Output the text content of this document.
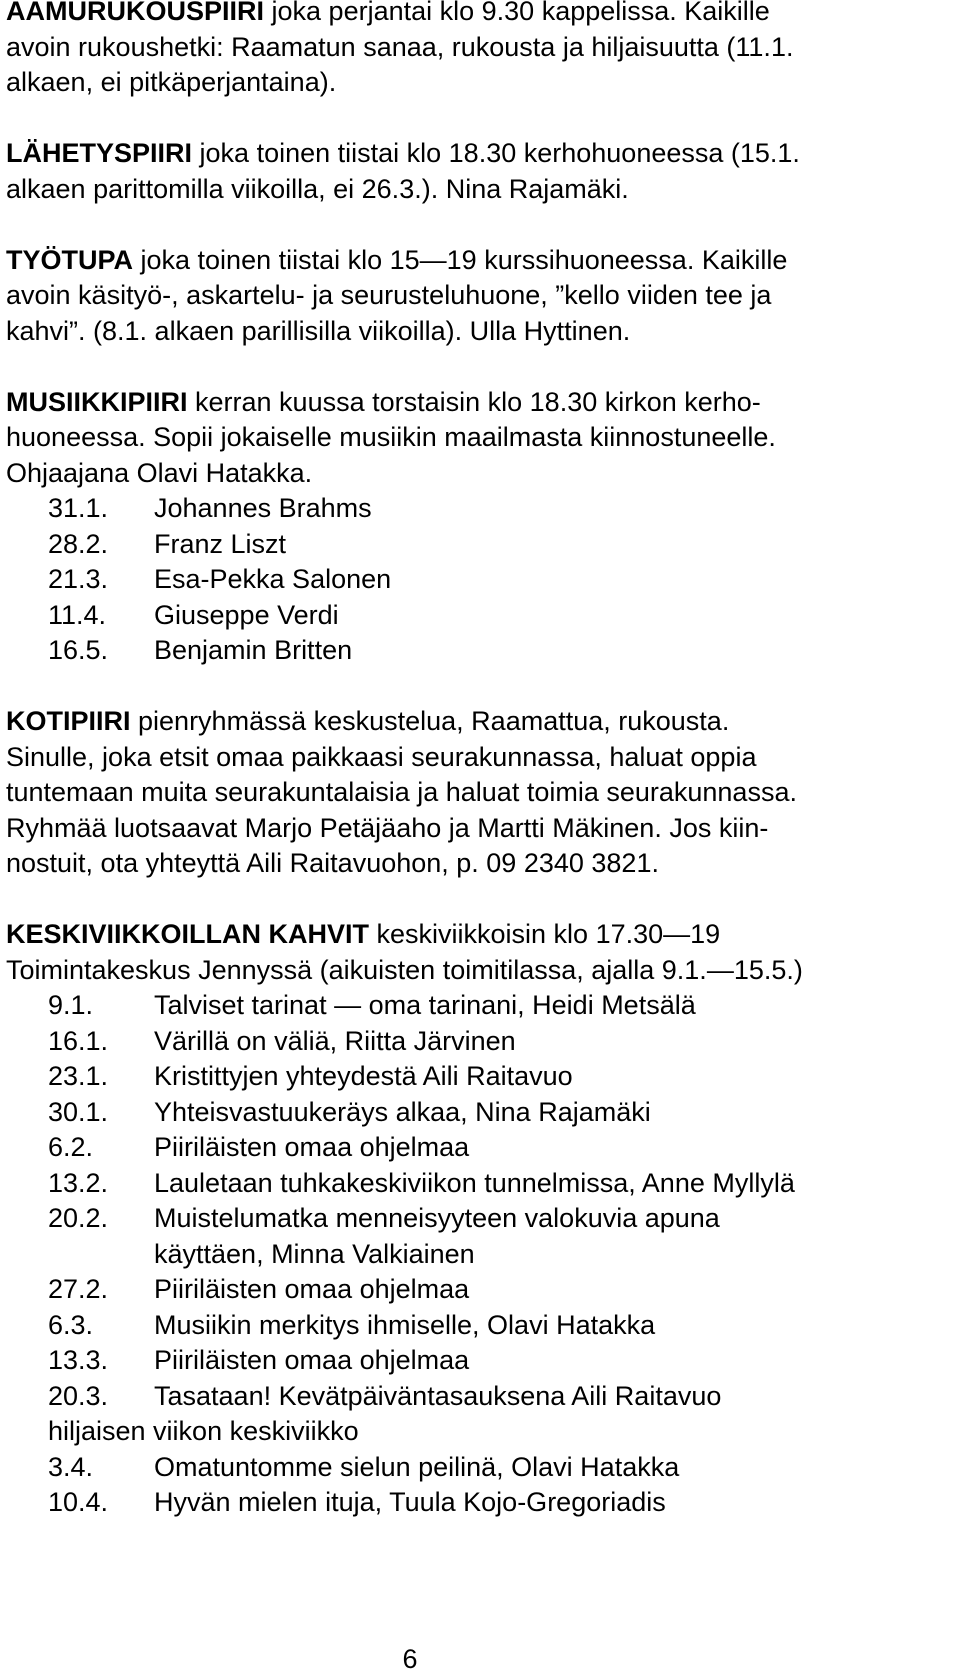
AAMURUKOUSPIIRI joka perjantai klo 9.30 kappelissa. Kaikille
avoin rukoushetki: Raamatun sanaa, rukousta ja hiljaisuutta (11.1.
alkaen, ei pitkäperjantaina).
LÄHETYSPIIRI joka toinen tiistai klo 18.30 kerhohuoneessa (15.1.
alkaen parittomilla viikoilla, ei 26.3.). Nina Rajamäki.
TYÖTUPA joka toinen tiistai klo 15—19 kurssihuoneessa. Kaikille
avoin käsityö-, askartelu- ja seurusteluhuone, ”kello viiden tee ja
kahvi”. (8.1. alkaen parillisilla viikoilla). Ulla Hyttinen.
MUSIIKKIPIIRI kerran kuussa torstaisin klo 18.30 kirkon kerho-
huoneessa. Sopii jokaiselle musiikin maailmasta kiinnostuneelle.
Ohjaajana Olavi Hatakka.
31.1.	Johannes Brahms
28.2.	Franz Liszt
21.3.	Esa-Pekka Salonen
11.4.	Giuseppe Verdi
16.5.	Benjamin Britten
KOTIPIIRI pienryhmässä keskustelua, Raamattua, rukousta.
Sinulle, joka etsit omaa paikkaasi seurakunnassa, haluat oppia
tuntemaan muita seurakuntalaisia ja haluat toimia seurakunnassa.
Ryhmää luotsaavat Marjo Petäjäaho ja Martti Mäkinen. Jos kiin-
nostuit, ota yhteyttä Aili Raitavuohon, p. 09 2340 3821.
KESKIVIIKKOILLAN KAHVIT keskiviikkoisin klo 17.30—19
Toimintakeskus Jennyssä (aikuisten toimitilassa, ajalla 9.1.—15.5.)
9.1.	Talviset tarinat — oma tarinani, Heidi Metsälä
16.1.	Värillä on väliä, Riitta Järvinen
23.1.	Kristittyjen yhteydestä Aili Raitavuo
30.1.	Yhteisvastuukeräys alkaa, Nina Rajamäki
6.2.	Piiriläisten omaa ohjelmaa
13.2.	Lauletaan tuhkakeskiviikon tunnelmissa, Anne Myllylä
20.2.	Muistelumatka menneisyyteen valokuvia apuna
käyttäen, Minna Valkiainen
27.2.	Piiriläisten omaa ohjelmaa
6.3.	Musiikin merkitys ihmiselle, Olavi Hatakka
13.3.	Piiriläisten omaa ohjelmaa
20.3.	Tasataan! Kevätpäiväntasauksena Aili Raitavuo
hiljaisen viikon keskiviikko
3.4.	Omatuntomme sielun peilinä, Olavi Hatakka
10.4.	Hyvän mielen ituja, Tuula Kojo-Gregoriadis
6
